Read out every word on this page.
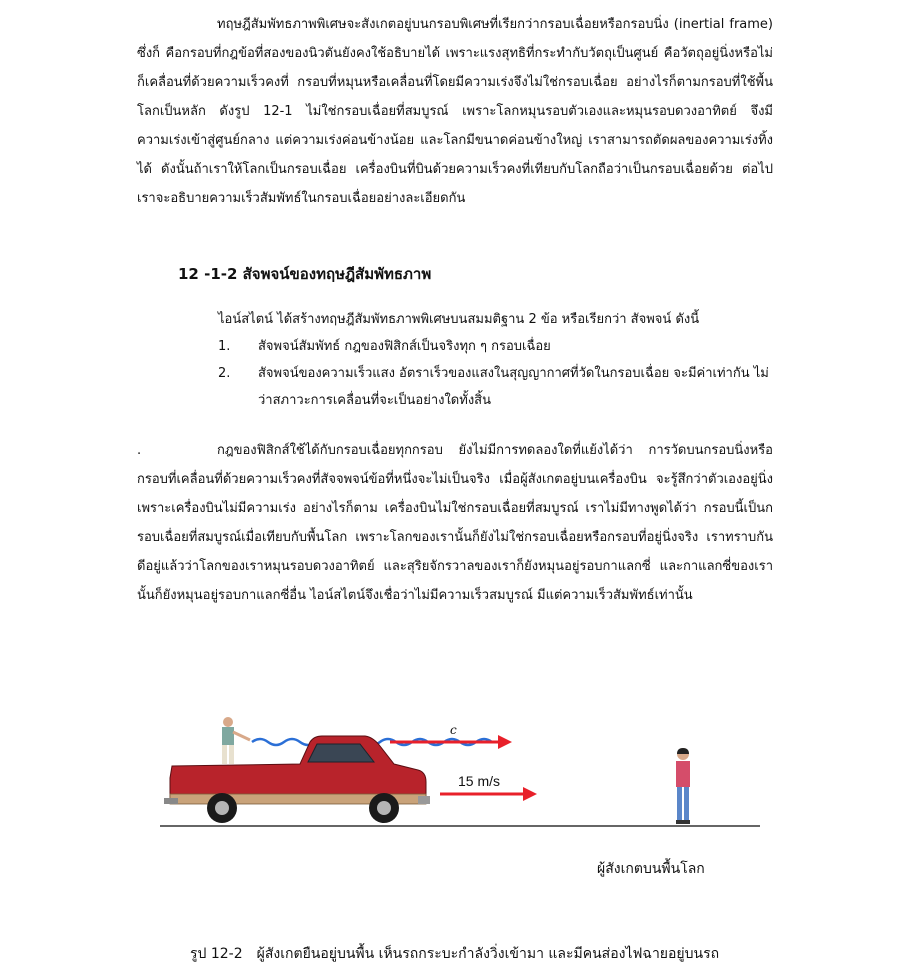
ทฤษฎีสัมพัทธภาพพิเศษจะสังเกตอยู่บนกรอบพิเศษที่เรียกว่ากรอบเฉื่อยหรือกรอบนิ่ง (inertial frame) ซึ่งก็ คือกรอบที่กฎข้อที่สองของนิวตันยังคงใช้อธิบายได้ เพราะแรงสุทธิที่กระทำกับวัตถุเป็นศูนย์ คือวัตถุอยู่นิ่งหรือไม่ก็เคลื่อนที่ด้วยความเร็วคงที่ กรอบที่หมุนหรือเคลื่อนที่โดยมีความเร่งจึงไม่ใช่กรอบเฉื่อย อย่างไรก็ตามกรอบที่ใช้พื้นโลกเป็นหลัก ดังรูป 12-1 ไม่ใช่กรอบเฉื่อยที่สมบูรณ์ เพราะโลกหมุนรอบตัวเองและหมุนรอบดวงอาทิตย์ จึงมีความเร่งเข้าสู่ศูนย์กลาง แต่ความเร่งค่อนข้างน้อย และโลกมีขนาดค่อนข้างใหญ่ เราสามารถตัดผลของความเร่งทิ้งได้ ดังนั้นถ้าเราให้โลกเป็นกรอบเฉื่อย เครื่องบินที่บินด้วยความเร็วคงที่เทียบกับโลกถือว่าเป็นกรอบเฉื่อยด้วย ต่อไปเราจะอธิบายความเร็วสัมพัทธ์ในกรอบเฉื่อยอย่างละเอียดกัน

12 -1-2 สัจพจน์ของทฤษฎีสัมพัทธภาพ

ไอน์สไตน์ ได้สร้างทฤษฎีสัมพัทธภาพพิเศษบนสมมติฐาน 2 ข้อ หรือเรียกว่า สัจพจน์ ดังนี้

1.	สัจพจน์สัมพัทธ์ กฎของฟิสิกส์เป็นจริงทุก ๆ กรอบเฉื่อย
2.	สัจพจน์ของความเร็วแสง อัตราเร็วของแสงในสุญญากาศที่วัดในกรอบเฉื่อย จะมีค่าเท่ากัน ไม่ว่าสภาวะการเคลื่อนที่จะเป็นอย่างใดทั้งสิ้น

.	กฎของฟิสิกส์ใช้ได้กับกรอบเฉื่อยทุกกรอบ ยังไม่มีการทดลองใดที่แย้งได้ว่า การวัดบนกรอบนิ่งหรือกรอบที่เคลื่อนที่ด้วยความเร็วคงที่สัจจพจน์ข้อที่หนึ่งจะไม่เป็นจริง เมื่อผู้สังเกตอยู่บนเครื่องบิน จะรู้สึกว่าตัวเองอยู่นิ่ง เพราะเครื่องบินไม่มีความเร่ง อย่างไรก็ตาม เครื่องบินไม่ใช่กรอบเฉื่อยที่สมบูรณ์ เราไม่มีทางพูดได้ว่า กรอบนี้เป็นกรอบเฉื่อยที่สมบูรณ์เมื่อเทียบกับพื้นโลก เพราะโลกของเรานั้นก็ยังไม่ใช่กรอบเฉื่อยหรือกรอบที่อยู่นิ่งจริง เราทราบกันดีอยู่แล้วว่าโลกของเราหมุนรอบดวงอาทิตย์ และสุริยจักรวาลของเราก็ยังหมุนอยู่รอบกาแลกซี่ และกาแลกซี่ของเรานั้นก็ยังหมุนอยู่รอบกาแลกซี่อื่น ไอน์สไตน์จึงเชื่อว่าไม่มีความเร็วสมบูรณ์ มีแต่ความเร็วสัมพัทธ์เท่านั้น

c
15 m/s

ผู้สังเกตบนพื้นโลก

รูป 12-2 ผู้สังเกตยืนอยู่บนพื้น เห็นรถกระบะกำลังวิ่งเข้ามา และมีคนส่องไฟฉายอยู่บนรถ
